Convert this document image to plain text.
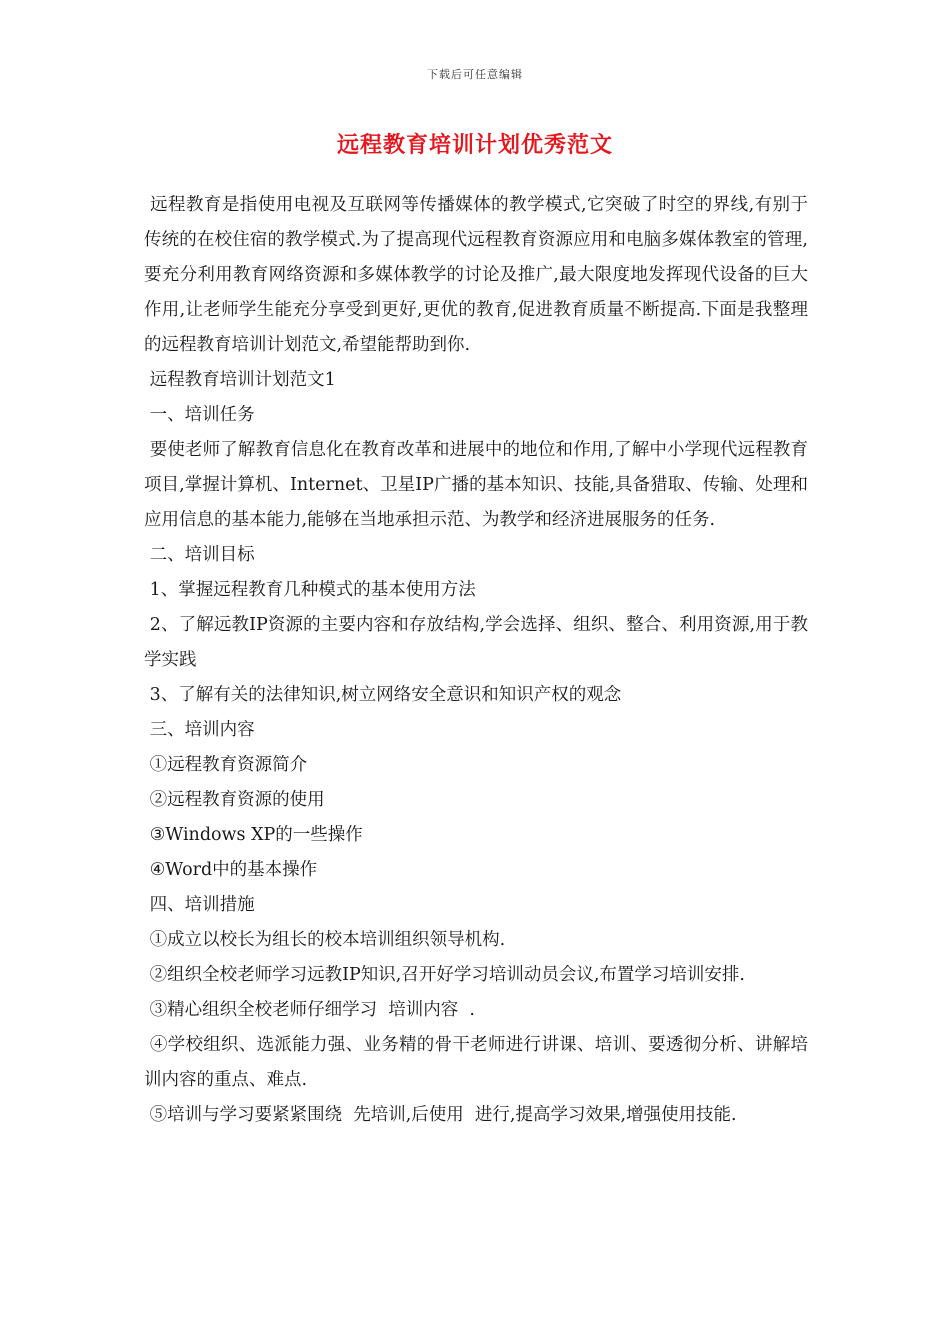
下载后可任意编辑
远程教育培训计划优秀范文

远程教育是指使用电视及互联网等传播媒体的教学模式,它突破了时空的界线,有别于传统的在校住宿的教学模式.为了提高现代远程教育资源应用和电脑多媒体教室的管理,要充分利用教育网络资源和多媒体教学的讨论及推广,最大限度地发挥现代设备的巨大作用,让老师学生能充分享受到更好,更优的教育,促进教育质量不断提高.下面是我整理的远程教育培训计划范文,希望能帮助到你.

远程教育培训计划范文1

一、培训任务

要使老师了解教育信息化在教育改革和进展中的地位和作用,了解中小学现代远程教育项目,掌握计算机、Internet、卫星IP广播的基本知识、技能,具备猎取、传输、处理和应用信息的基本能力,能够在当地承担示范、为教学和经济进展服务的任务.

二、培训目标

1、掌握远程教育几种模式的基本使用方法

2、了解远教IP资源的主要内容和存放结构,学会选择、组织、整合、利用资源,用于教学实践

3、了解有关的法律知识,树立网络安全意识和知识产权的观念

三、培训内容

①远程教育资源简介

②远程教育资源的使用

③Windows XP的一些操作

④Word中的基本操作

四、培训措施

①成立以校长为组长的校本培训组织领导机构.

②组织全校老师学习远教IP知识,召开好学习培训动员会议,布置学习培训安排.

③精心组织全校老师仔细学习  培训内容  .

④学校组织、选派能力强、业务精的骨干老师进行讲课、培训、要透彻分析、讲解培训内容的重点、难点.

⑤培训与学习要紧紧围绕  先培训,后使用  进行,提高学习效果,增强使用技能.
